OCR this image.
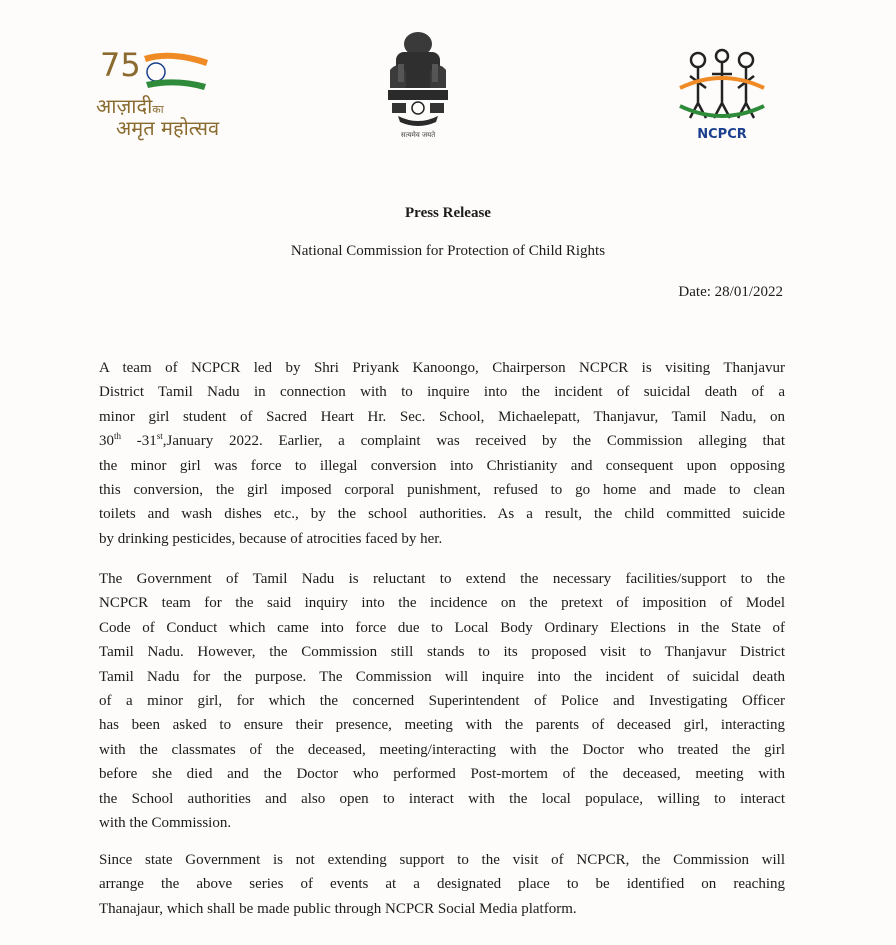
75
आज़ादीका
अमृत महोत्सव	सत्यमेव जयते	NCPCR
Press Release
National Commission for Protection of Child Rights
Date: 28/01/2022
A team of NCPCR led by Shri Priyank Kanoongo, Chairperson NCPCR is visiting Thanjavur
District Tamil Nadu in connection with to inquire into the incident of suicidal death of a
minor girl student of Sacred Heart Hr. Sec. School, Michaelepatt, Thanjavur, Tamil Nadu, on
30th -31st,January 2022. Earlier, a complaint was received by the Commission alleging that
the minor girl was force to illegal conversion into Christianity and consequent upon opposing
this conversion, the girl imposed corporal punishment, refused to go home and made to clean
toilets and wash dishes etc., by the school authorities. As a result, the child committed suicide
by drinking pesticides, because of atrocities faced by her.
The Government of Tamil Nadu is reluctant to extend the necessary facilities/support to the
NCPCR team for the said inquiry into the incidence on the pretext of imposition of Model
Code of Conduct which came into force due to Local Body Ordinary Elections in the State of
Tamil Nadu. However, the Commission still stands to its proposed visit to Thanjavur District
Tamil Nadu for the purpose. The Commission will inquire into the incident of suicidal death
of a minor girl, for which the concerned Superintendent of Police and Investigating Officer
has been asked to ensure their presence, meeting with the parents of deceased girl, interacting
with the classmates of the deceased, meeting/interacting with the Doctor who treated the girl
before she died and the Doctor who performed Post-mortem of the deceased, meeting with
the School authorities and also open to interact with the local populace, willing to interact
with the Commission.
Since state Government is not extending support to the visit of NCPCR, the Commission will
arrange the above series of events at a designated place to be identified on reaching
Thanajaur, which shall be made public through NCPCR Social Media platform.
